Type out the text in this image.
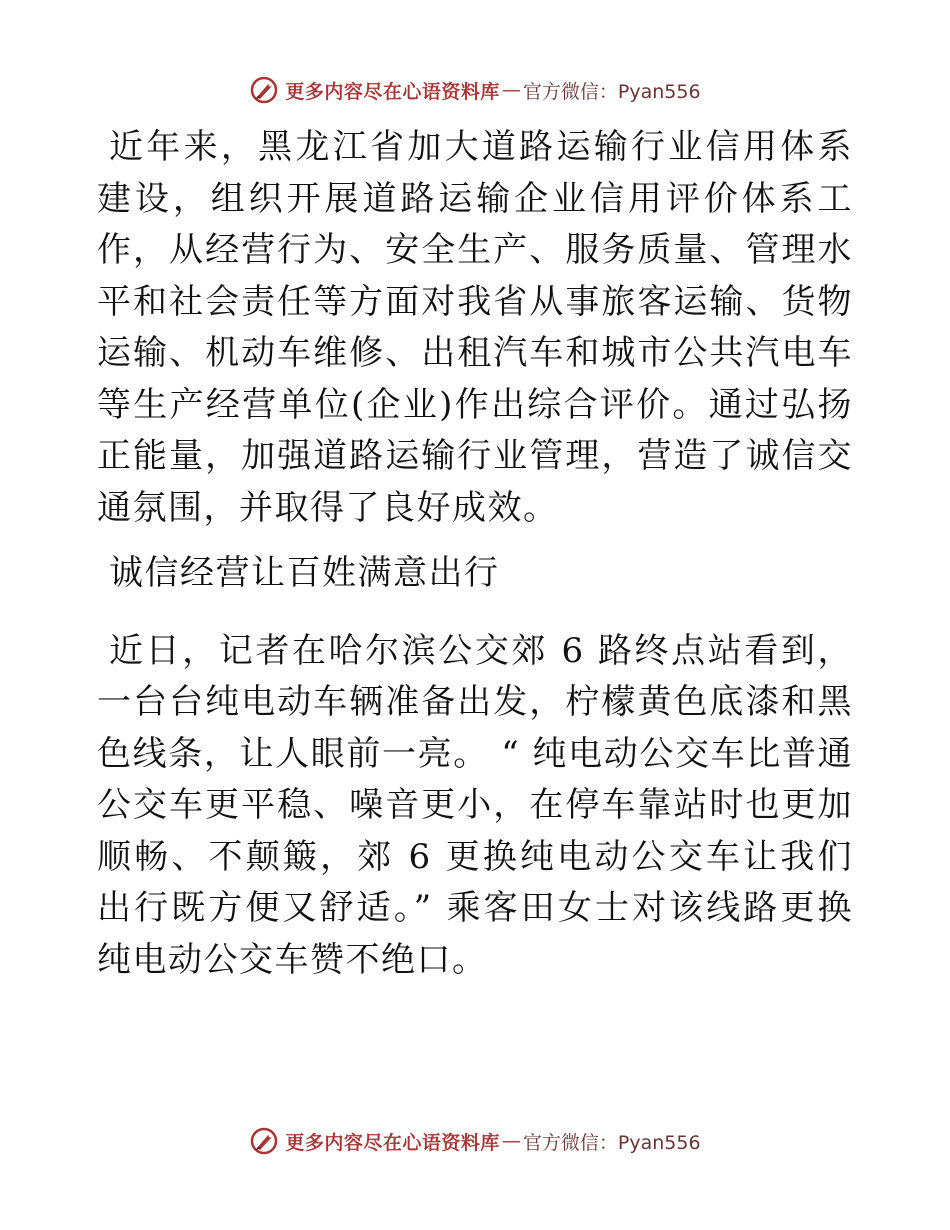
更多内容尽在心语资料库 — 官方微信：Pyan556

近年来，黑龙江省加大道路运输行业信用体系建设，组织开展道路运输企业信用评价体系工作，从经营行为、安全生产、服务质量、管理水平和社会责任等方面对我省从事旅客运输、货物运输、机动车维修、出租汽车和城市公共汽电车等生产经营单位(企业)作出综合评价。通过弘扬正能量，加强道路运输行业管理，营造了诚信交通氛围，并取得了良好成效。

诚信经营让百姓满意出行

近日，记者在哈尔滨公交郊 6 路终点站看到，一台台纯电动车辆准备出发，柠檬黄色底漆和黑色线条，让人眼前一亮。 “ 纯电动公交车比普通公交车更平稳、噪音更小，在停车靠站时也更加顺畅、不颠簸，郊 6 更换纯电动公交车让我们出行既方便又舒适。” 乘客田女士对该线路更换纯电动公交车赞不绝口。

更多内容尽在心语资料库 — 官方微信：Pyan556
